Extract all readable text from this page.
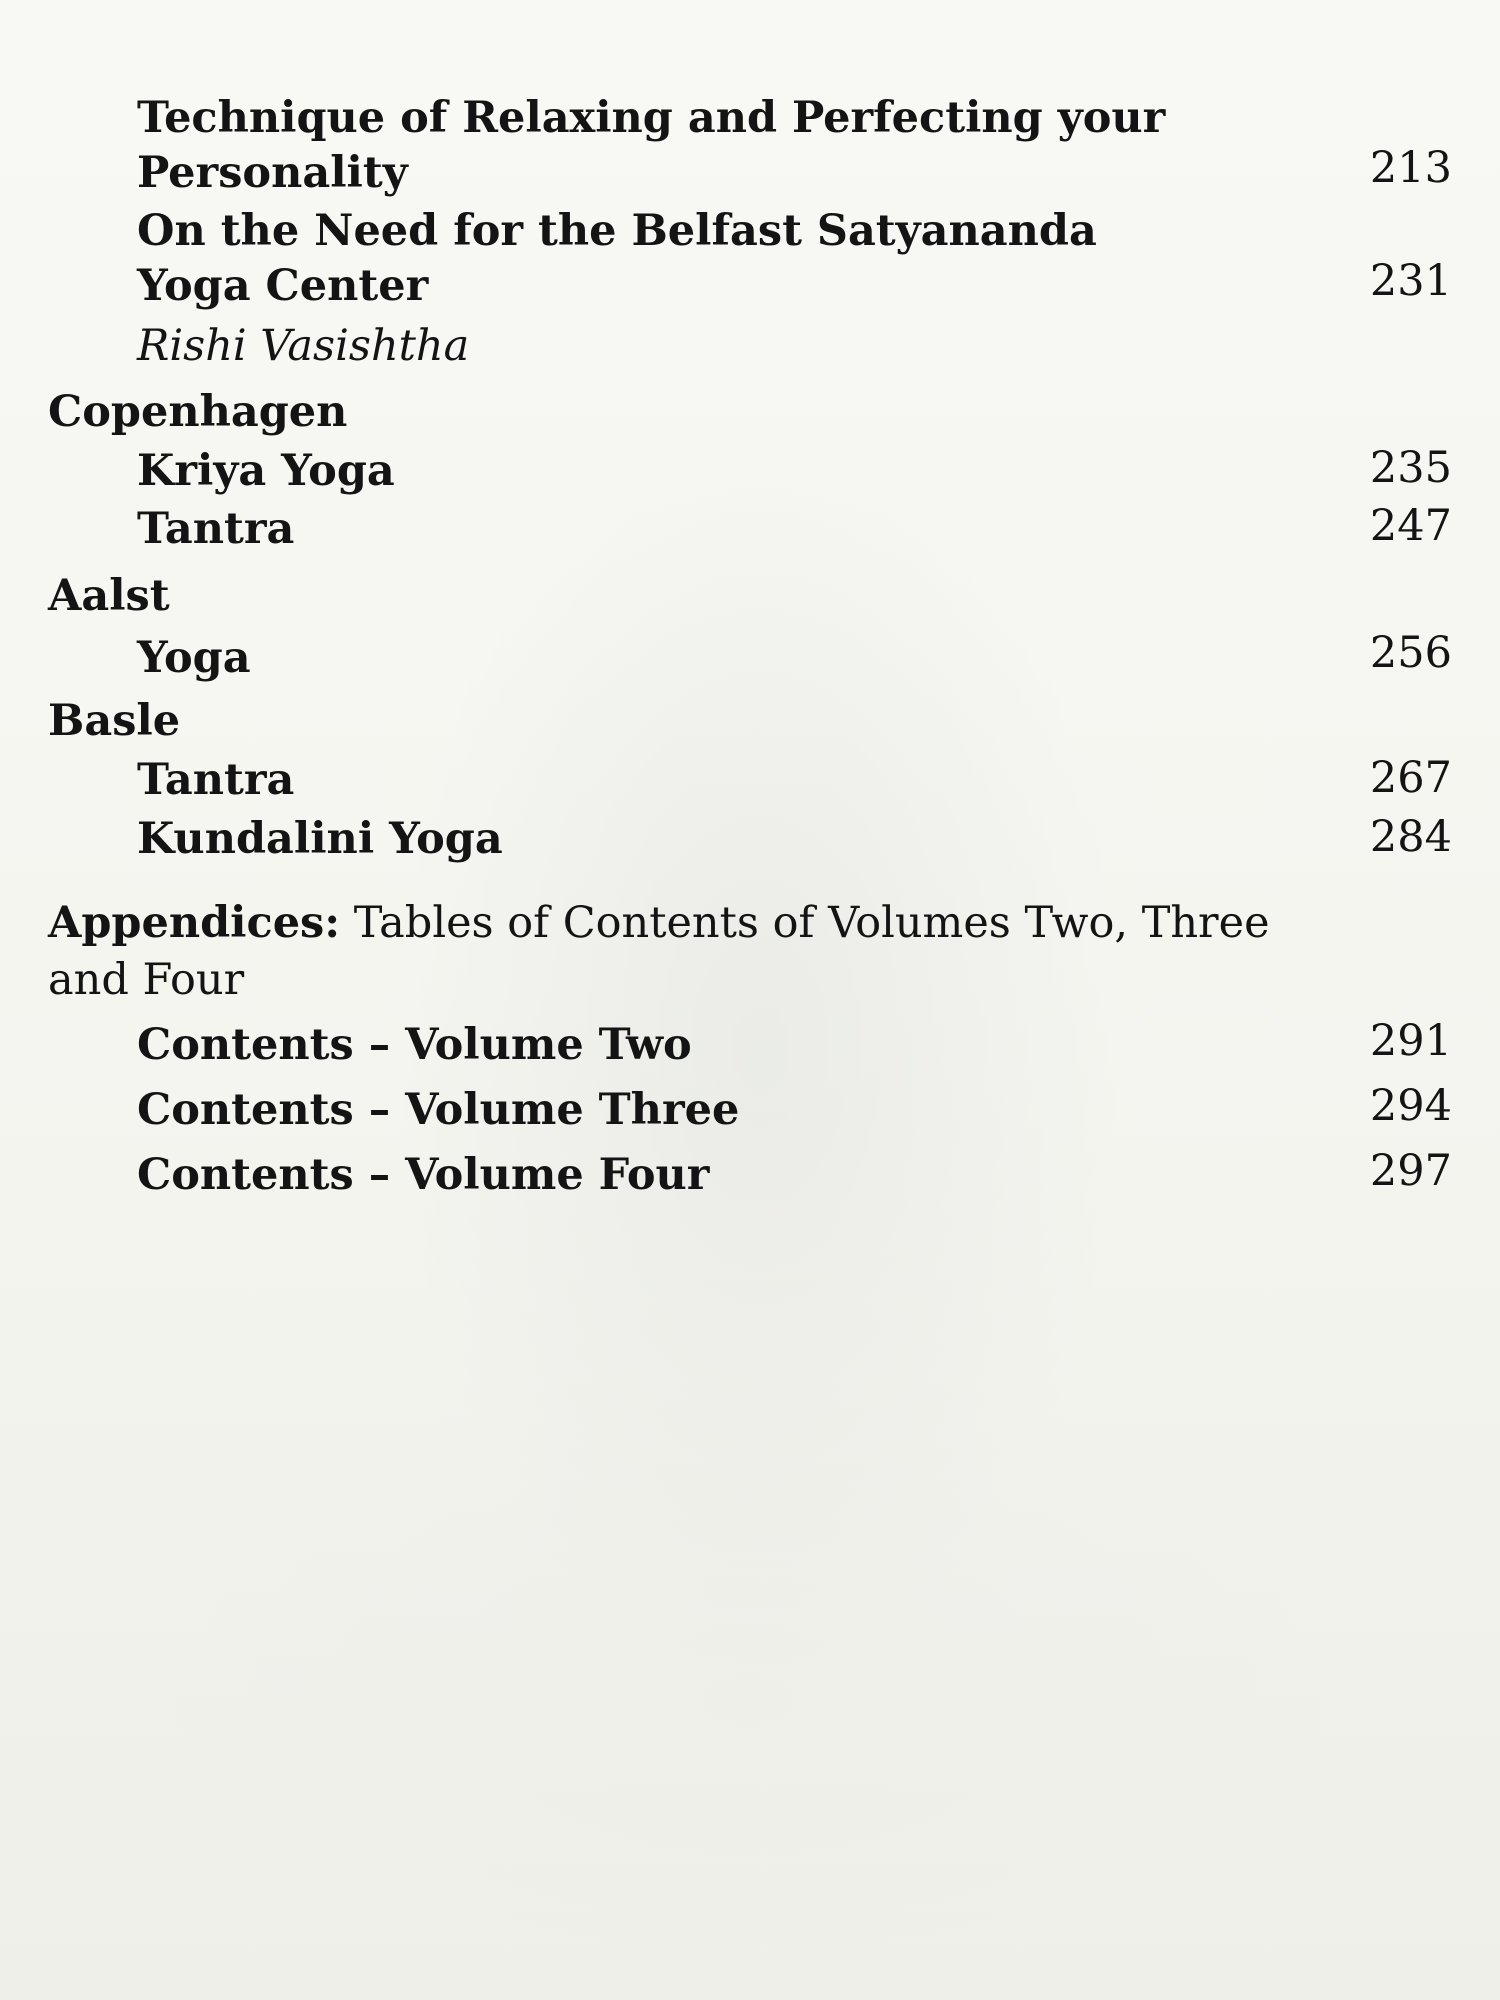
Technique of Relaxing and Perfecting your
Personality	213
On the Need for the Belfast Satyananda
Yoga Center	231
Rishi Vasishtha
Copenhagen
Kriya Yoga	235
Tantra	247
Aalst
Yoga	256
Basle
Tantra	267
Kundalini Yoga	284
Appendices: Tables of Contents of Volumes Two, Three
and Four
Contents – Volume Two	291
Contents – Volume Three	294
Contents – Volume Four	297
